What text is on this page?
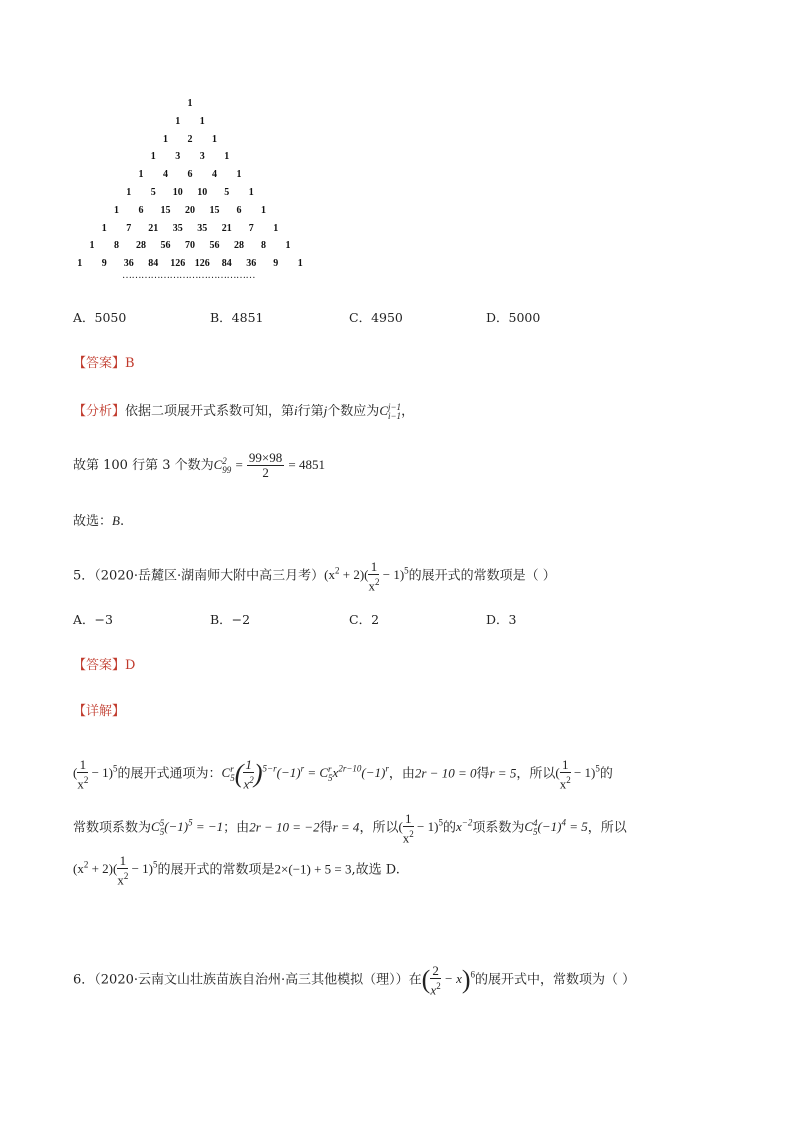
1
1 1
1 2 1
1 3 3 1
1 4 6 4 1
1 5 10 10 5 1
1 6 15 20 15 6 1
1 7 21 35 35 21 7 1
1 8 28 56 70 56 28 8 1
1 9 36 84 126 126 84 36 9 1
……………………………………
A．5050	B．4851	C．4950	D．5000
【答案】B
【分析】依据二项展开式系数可知，第i行第j个数应为C j−1
i−1 ，
故第 100 行第 3 个数为C 2
$99 = \frac{99\times 98}{2} = 4851$
故选：B.
5．（2020·岳麓区·湖南师大附中高三月考）$(x^2 + 2)( \frac{1}{x^2} - 1)^5$的展开式的常数项是（ ）
A．−3	B．−2	C．2	D．3
【答案】D
【详解】
( $\frac{1}{x^2} - 1)^5$的展开式通项为：C r
5 ( $\frac{1}{x^2} )^{5-r}(-1)^r = C$ r
5 $x^{2r-10}(-1)^r$，由2r − 10 = 0得r = 5，所以( $\frac{1}{x^2} - 1)^5$的
常数项系数为C 5
5 $(-1)^5 = -1$；由2r − 10 = −2得r = 4，所以( $\frac{1}{x^2} - 1)^5$的$x^{-2}$项系数为C 4
5 $(-1)^4 = 5$，所以
$(x^2 + 2)( \frac{1}{x^2} - 1)^5$的展开式的常数项是2×(−1) + 5 = 3,故选 D.
6．（2020·云南文山壮族苗族自治州·高三其他模拟（理））在( $\frac{2}{x^2} - x)^6$的展开式中，常数项为（ ）
